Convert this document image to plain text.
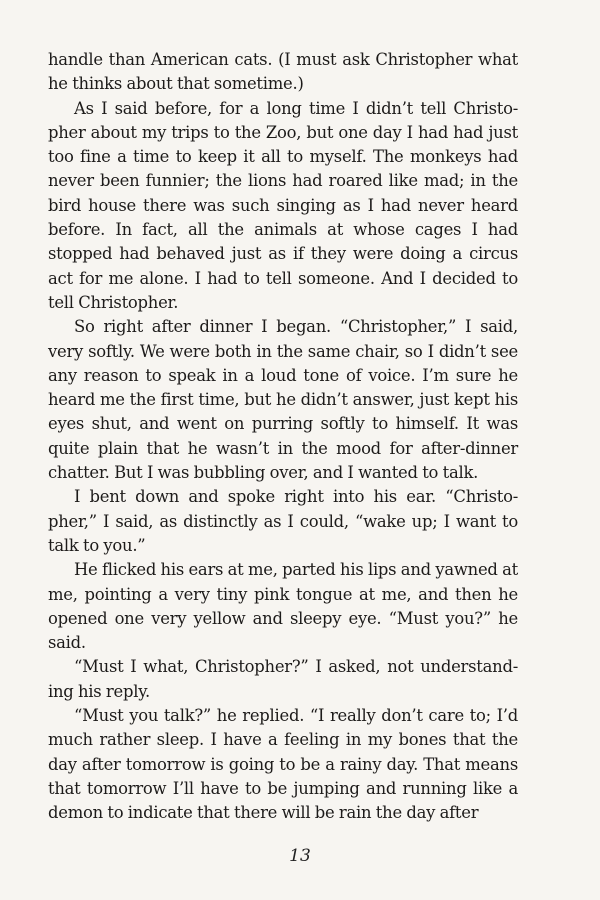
handle than American cats. (I must ask Christopher what he thinks about that sometime.)

As I said before, for a long time I didn’t tell Christo-pher about my trips to the Zoo, but one day I had had just too fine a time to keep it all to myself. The monkeys had never been funnier; the lions had roared like mad; in the bird house there was such singing as I had never heard before. In fact, all the animals at whose cages I had stopped had behaved just as if they were doing a circus act for me alone. I had to tell someone. And I decided to tell Christopher.

So right after dinner I began. “Christopher,” I said, very softly. We were both in the same chair, so I didn’t see any reason to speak in a loud tone of voice. I’m sure he heard me the first time, but he didn’t answer, just kept his eyes shut, and went on purring softly to himself. It was quite plain that he wasn’t in the mood for after-dinner chatter. But I was bubbling over, and I wanted to talk.

I bent down and spoke right into his ear. “Christo-pher,” I said, as distinctly as I could, “wake up; I want to talk to you.”

He flicked his ears at me, parted his lips and yawned at me, pointing a very tiny pink tongue at me, and then he opened one very yellow and sleepy eye. “Must you?” he said.

“Must I what, Christopher?” I asked, not understand-ing his reply.

“Must you talk?” he replied. “I really don’t care to; I’d much rather sleep. I have a feeling in my bones that the day after tomorrow is going to be a rainy day. That means that tomorrow I’ll have to be jumping and running like a demon to indicate that there will be rain the day after

13
